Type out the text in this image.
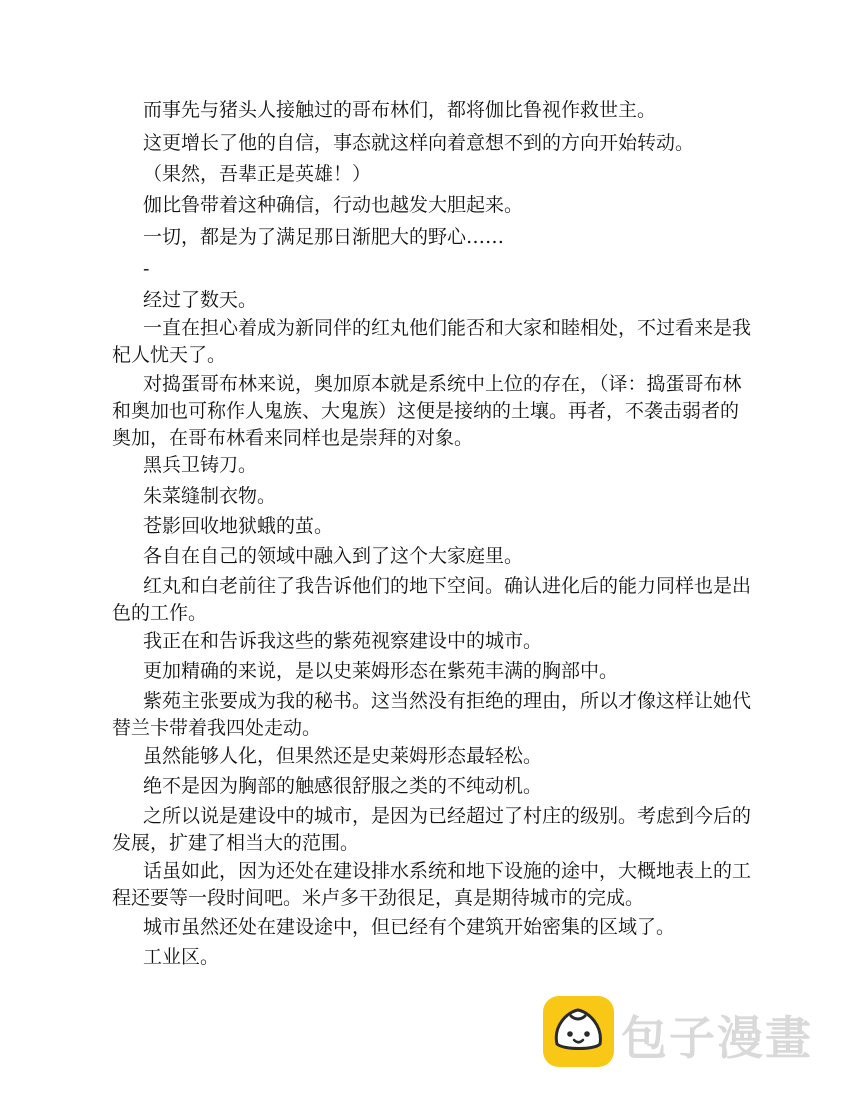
而事先与猪头人接触过的哥布林们，都将伽比鲁视作救世主。

这更增长了他的自信，事态就这样向着意想不到的方向开始转动。

（果然，吾辈正是英雄！）

伽比鲁带着这种确信，行动也越发大胆起来。

一切，都是为了满足那日渐肥大的野心……

-

经过了数天。

一直在担心着成为新同伴的红丸他们能否和大家和睦相处，不过看来是我杞人忧天了。

对捣蛋哥布林来说，奥加原本就是系统中上位的存在，（译：捣蛋哥布林和奥加也可称作人鬼族、大鬼族）这便是接纳的土壤。再者，不袭击弱者的奥加，在哥布林看来同样也是崇拜的对象。

黑兵卫铸刀。

朱菜缝制衣物。

苍影回收地狱蛾的茧。

各自在自己的领域中融入到了这个大家庭里。

红丸和白老前往了我告诉他们的地下空间。确认进化后的能力同样也是出色的工作。

我正在和告诉我这些的紫苑视察建设中的城市。

更加精确的来说，是以史莱姆形态在紫苑丰满的胸部中。

紫苑主张要成为我的秘书。这当然没有拒绝的理由，所以才像这样让她代替兰卡带着我四处走动。

虽然能够人化，但果然还是史莱姆形态最轻松。

绝不是因为胸部的触感很舒服之类的不纯动机。

之所以说是建设中的城市，是因为已经超过了村庄的级别。考虑到今后的发展，扩建了相当大的范围。

话虽如此，因为还处在建设排水系统和地下设施的途中，大概地表上的工程还要等一段时间吧。米卢多干劲很足，真是期待城市的完成。

城市虽然还处在建设途中，但已经有个建筑开始密集的区域了。

工业区。

包子漫畫
